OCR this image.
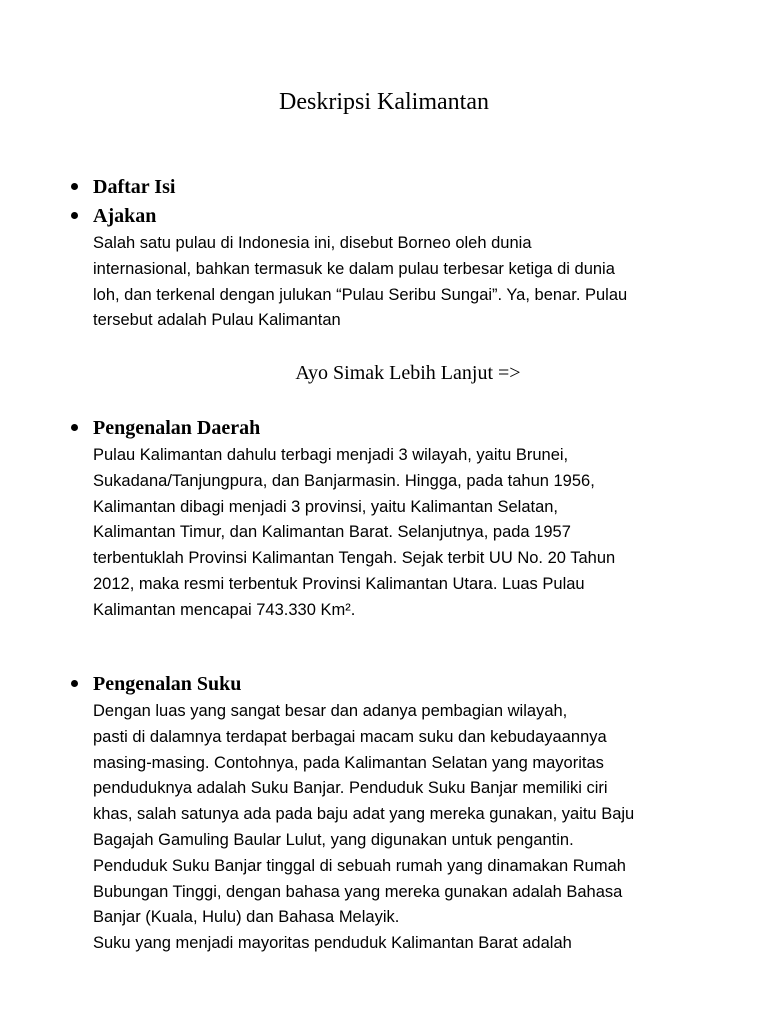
Deskripsi Kalimantan
Daftar Isi
Ajakan
Salah satu pulau di Indonesia ini, disebut Borneo oleh dunia
internasional, bahkan termasuk ke dalam pulau terbesar ketiga di dunia
loh, dan terkenal dengan julukan “Pulau Seribu Sungai”. Ya, benar. Pulau
tersebut adalah Pulau Kalimantan
Ayo Simak Lebih Lanjut =>
Pengenalan Daerah
Pulau Kalimantan dahulu terbagi menjadi 3 wilayah, yaitu Brunei,
Sukadana/Tanjungpura, dan Banjarmasin. Hingga, pada tahun 1956,
Kalimantan dibagi menjadi 3 provinsi, yaitu Kalimantan Selatan,
Kalimantan Timur, dan Kalimantan Barat. Selanjutnya, pada 1957
terbentuklah Provinsi Kalimantan Tengah. Sejak terbit UU No. 20 Tahun
2012, maka resmi terbentuk Provinsi Kalimantan Utara. Luas Pulau
Kalimantan mencapai 743.330 Km².
Pengenalan Suku
Dengan luas yang sangat besar dan adanya pembagian wilayah,
pasti di dalamnya terdapat berbagai macam suku dan kebudayaannya
masing-masing. Contohnya, pada Kalimantan Selatan yang mayoritas
penduduknya adalah Suku Banjar. Penduduk Suku Banjar memiliki ciri
khas, salah satunya ada pada baju adat yang mereka gunakan, yaitu Baju
Bagajah Gamuling Baular Lulut, yang digunakan untuk pengantin.
Penduduk Suku Banjar tinggal di sebuah rumah yang dinamakan Rumah
Bubungan Tinggi, dengan bahasa yang mereka gunakan adalah Bahasa
Banjar (Kuala, Hulu) dan Bahasa Melayik.
Suku yang menjadi mayoritas penduduk Kalimantan Barat adalah
